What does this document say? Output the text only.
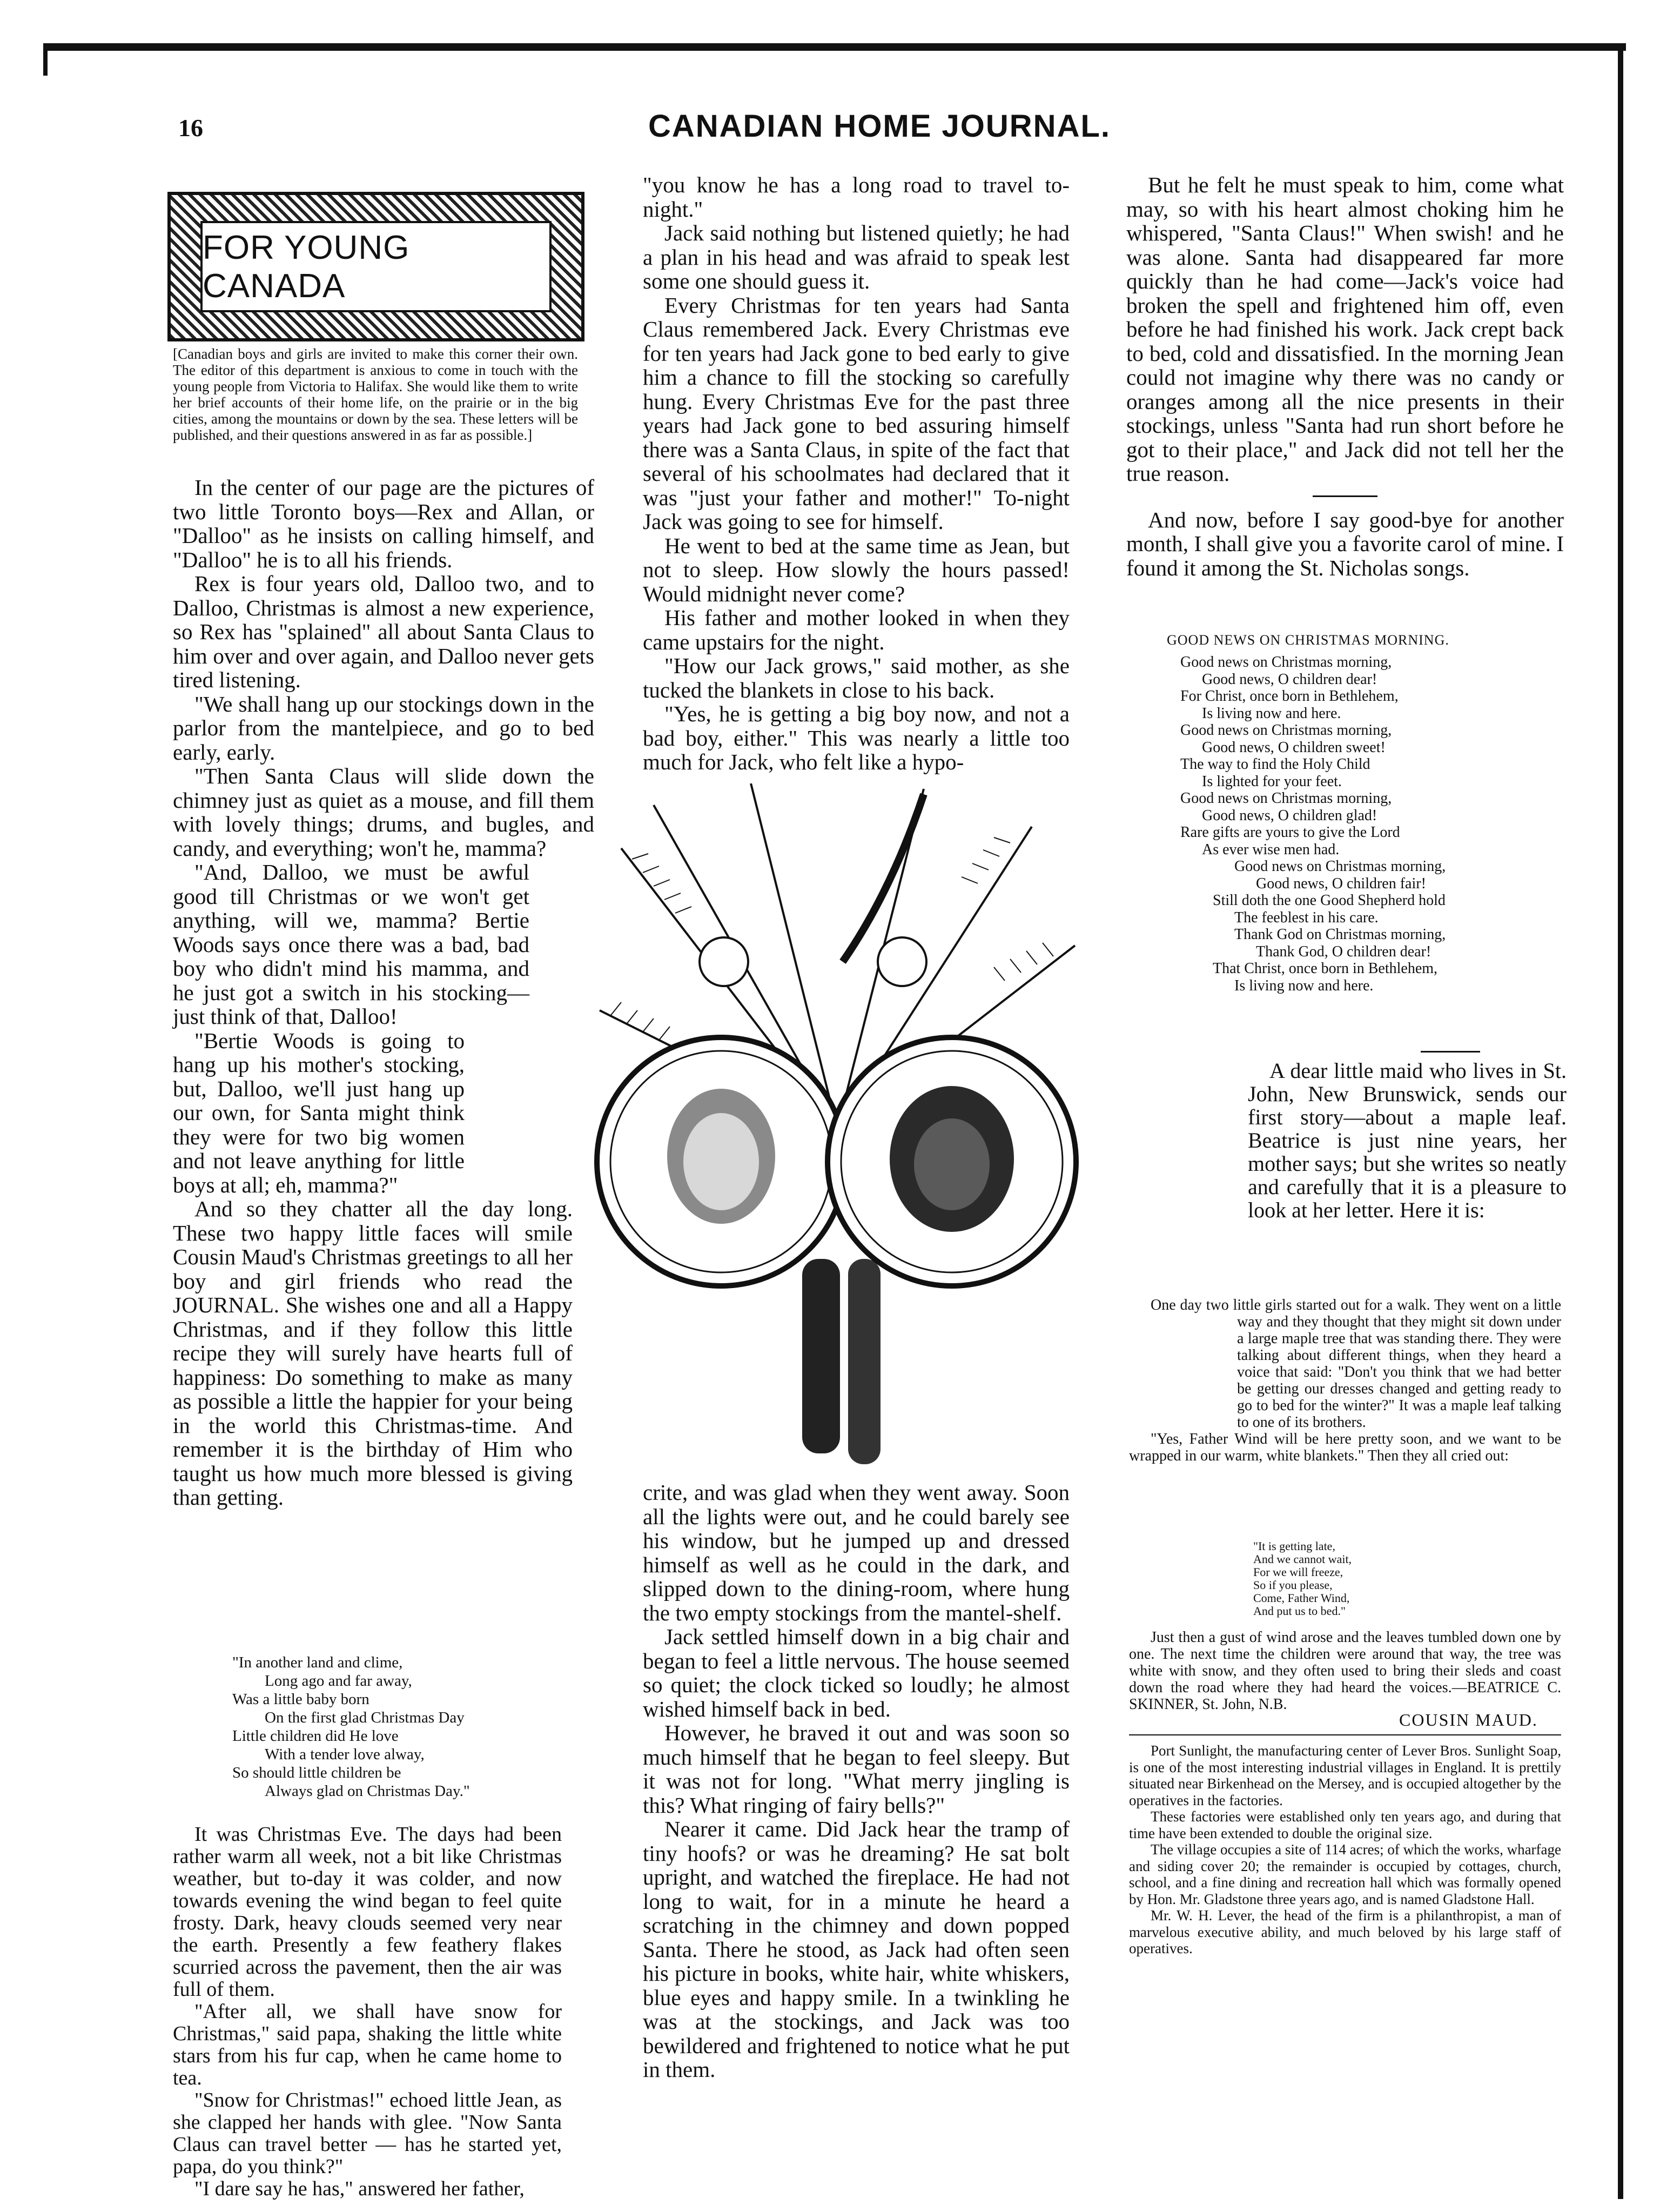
16	CANADIAN HOME JOURNAL.
FOR YOUNG CANADA
[Canadian boys and girls are invited to make this corner their own. The editor of this department is anxious to come in touch with the young people from Victoria to Halifax. She would like them to write her brief accounts of their home life, on the prairie or in the big cities, among the mountains or down by the sea. These letters will be published, and their questions answered in as far as possible.]

In the center of our page are the pictures of two little Toronto boys—Rex and Allan, or "Dalloo" as he insists on calling himself, and "Dalloo" he is to all his friends.

Rex is four years old, Dalloo two, and to Dalloo, Christmas is almost a new experience, so Rex has "splained" all about Santa Claus to him over and over again, and Dalloo never gets tired listening.

"We shall hang up our stockings down in the parlor from the mantelpiece, and go to bed early, early.

"Then Santa Claus will slide down the chimney just as quiet as a mouse, and fill them with lovely things; drums, and bugles, and candy, and everything; won't he, mamma?

"And, Dalloo, we must be awful good till Christmas or we won't get anything, will we, mamma? Bertie Woods says once there was a bad, bad boy who didn't mind his mamma, and he just got a switch in his stocking—just think of that, Dalloo!

"Bertie Woods is going to hang up his mother's stocking, but, Dalloo, we'll just hang up our own, for Santa might think they were for two big women and not leave anything for little boys at all; eh, mamma?"

And so they chatter all the day long. These two happy little faces will smile Cousin Maud's Christmas greetings to all her boy and girl friends who read the JOURNAL. She wishes one and all a Happy Christmas, and if they follow this little recipe they will surely have hearts full of happiness: Do something to make as many as possible a little the happier for your being in the world this Christmas-time. And remember it is the birthday of Him who taught us how much more blessed is giving than getting.

"In another land and clime,
Long ago and far away,
Was a little baby born
On the first glad Christmas Day
Little children did He love
With a tender love alway,
So should little children be
Always glad on Christmas Day."

It was Christmas Eve. The days had been rather warm all week, not a bit like Christmas weather, but to-day it was colder, and now towards evening the wind began to feel quite frosty. Dark, heavy clouds seemed very near the earth. Presently a few feathery flakes scurried across the pavement, then the air was full of them.

"After all, we shall have snow for Christmas," said papa, shaking the little white stars from his fur cap, when he came home to tea.

"Snow for Christmas!" echoed little Jean, as she clapped her hands with glee. "Now Santa Claus can travel better — has he started yet, papa, do you think?"

"I dare say he has," answered her father,

"you know he has a long road to travel to-night."

Jack said nothing but listened quietly; he had a plan in his head and was afraid to speak lest some one should guess it.

Every Christmas for ten years had Santa Claus remembered Jack. Every Christmas eve for ten years had Jack gone to bed early to give him a chance to fill the stocking so carefully hung. Every Christmas Eve for the past three years had Jack gone to bed assuring himself there was a Santa Claus, in spite of the fact that several of his schoolmates had declared that it was "just your father and mother!" To-night Jack was going to see for himself.

He went to bed at the same time as Jean, but not to sleep. How slowly the hours passed! Would midnight never come?

His father and mother looked in when they came upstairs for the night.

"How our Jack grows," said mother, as she tucked the blankets in close to his back.

"Yes, he is getting a big boy now, and not a bad boy, either." This was nearly a little too much for Jack, who felt like a hypo-

crite, and was glad when they went away. Soon all the lights were out, and he could barely see his window, but he jumped up and dressed himself as well as he could in the dark, and slipped down to the dining-room, where hung the two empty stockings from the mantel-shelf.

Jack settled himself down in a big chair and began to feel a little nervous. The house seemed so quiet; the clock ticked so loudly; he almost wished himself back in bed.

However, he braved it out and was soon so much himself that he began to feel sleepy. But it was not for long. "What merry jingling is this? What ringing of fairy bells?"

Nearer it came. Did Jack hear the tramp of tiny hoofs? or was he dreaming? He sat bolt upright, and watched the fireplace. He had not long to wait, for in a minute he heard a scratching in the chimney and down popped Santa. There he stood, as Jack had often seen his picture in books, white hair, white whiskers, blue eyes and happy smile. In a twinkling he was at the stockings, and Jack was too bewildered and frightened to notice what he put in them.

But he felt he must speak to him, come what may, so with his heart almost choking him he whispered, "Santa Claus!" When swish! and he was alone. Santa had disappeared far more quickly than he had come—Jack's voice had broken the spell and frightened him off, even before he had finished his work. Jack crept back to bed, cold and dissatisfied. In the morning Jean could not imagine why there was no candy or oranges among all the nice presents in their stockings, unless "Santa had run short before he got to their place," and Jack did not tell her the true reason.

And now, before I say good-bye for another month, I shall give you a favorite carol of mine. I found it among the St. Nicholas songs.

GOOD NEWS ON CHRISTMAS MORNING.
Good news on Christmas morning,
Good news, O children dear!
For Christ, once born in Bethlehem,
Is living now and here.
Good news on Christmas morning,
Good news, O children sweet!
The way to find the Holy Child
Is lighted for your feet.
Good news on Christmas morning,
Good news, O children glad!
Rare gifts are yours to give the Lord
As ever wise men had.
Good news on Christmas morning,
Good news, O children fair!
Still doth the one Good Shepherd hold
The feeblest in his care.
Thank God on Christmas morning,
Thank God, O children dear!
That Christ, once born in Bethlehem,
Is living now and here.

A dear little maid who lives in St. John, New Brunswick, sends our first story—about a maple leaf. Beatrice is just nine years, her mother says; but she writes so neatly and carefully that it is a pleasure to look at her letter. Here it is:

One day two little girls started out for a walk. They went on a little way and they thought that they might sit down under a large maple tree that was standing there. They were talking about different things, when they heard a voice that said: "Don't you think that we had better be getting our dresses changed and getting ready to go to bed for the winter?" It was a maple leaf talking to one of its brothers.

"Yes, Father Wind will be here pretty soon, and we want to be wrapped in our warm, white blankets." Then they all cried out:

"It is getting late,
And we cannot wait,
For we will freeze,
So if you please,
Come, Father Wind,
And put us to bed."

Just then a gust of wind arose and the leaves tumbled down one by one. The next time the children were around that way, the tree was white with snow, and they often used to bring their sleds and coast down the road where they had heard the voices.—BEATRICE C. SKINNER, St. John, N.B.

COUSIN MAUD.

Port Sunlight, the manufacturing center of Lever Bros. Sunlight Soap, is one of the most interesting industrial villages in England. It is prettily situated near Birkenhead on the Mersey, and is occupied altogether by the operatives in the factories.

These factories were established only ten years ago, and during that time have been extended to double the original size.

The village occupies a site of 114 acres; of which the works, wharfage and siding cover 20; the remainder is occupied by cottages, church, school, and a fine dining and recreation hall which was formally opened by Hon. Mr. Gladstone three years ago, and is named Gladstone Hall.

Mr. W. H. Lever, the head of the firm is a philanthropist, a man of marvelous executive ability, and much beloved by his large staff of operatives.
